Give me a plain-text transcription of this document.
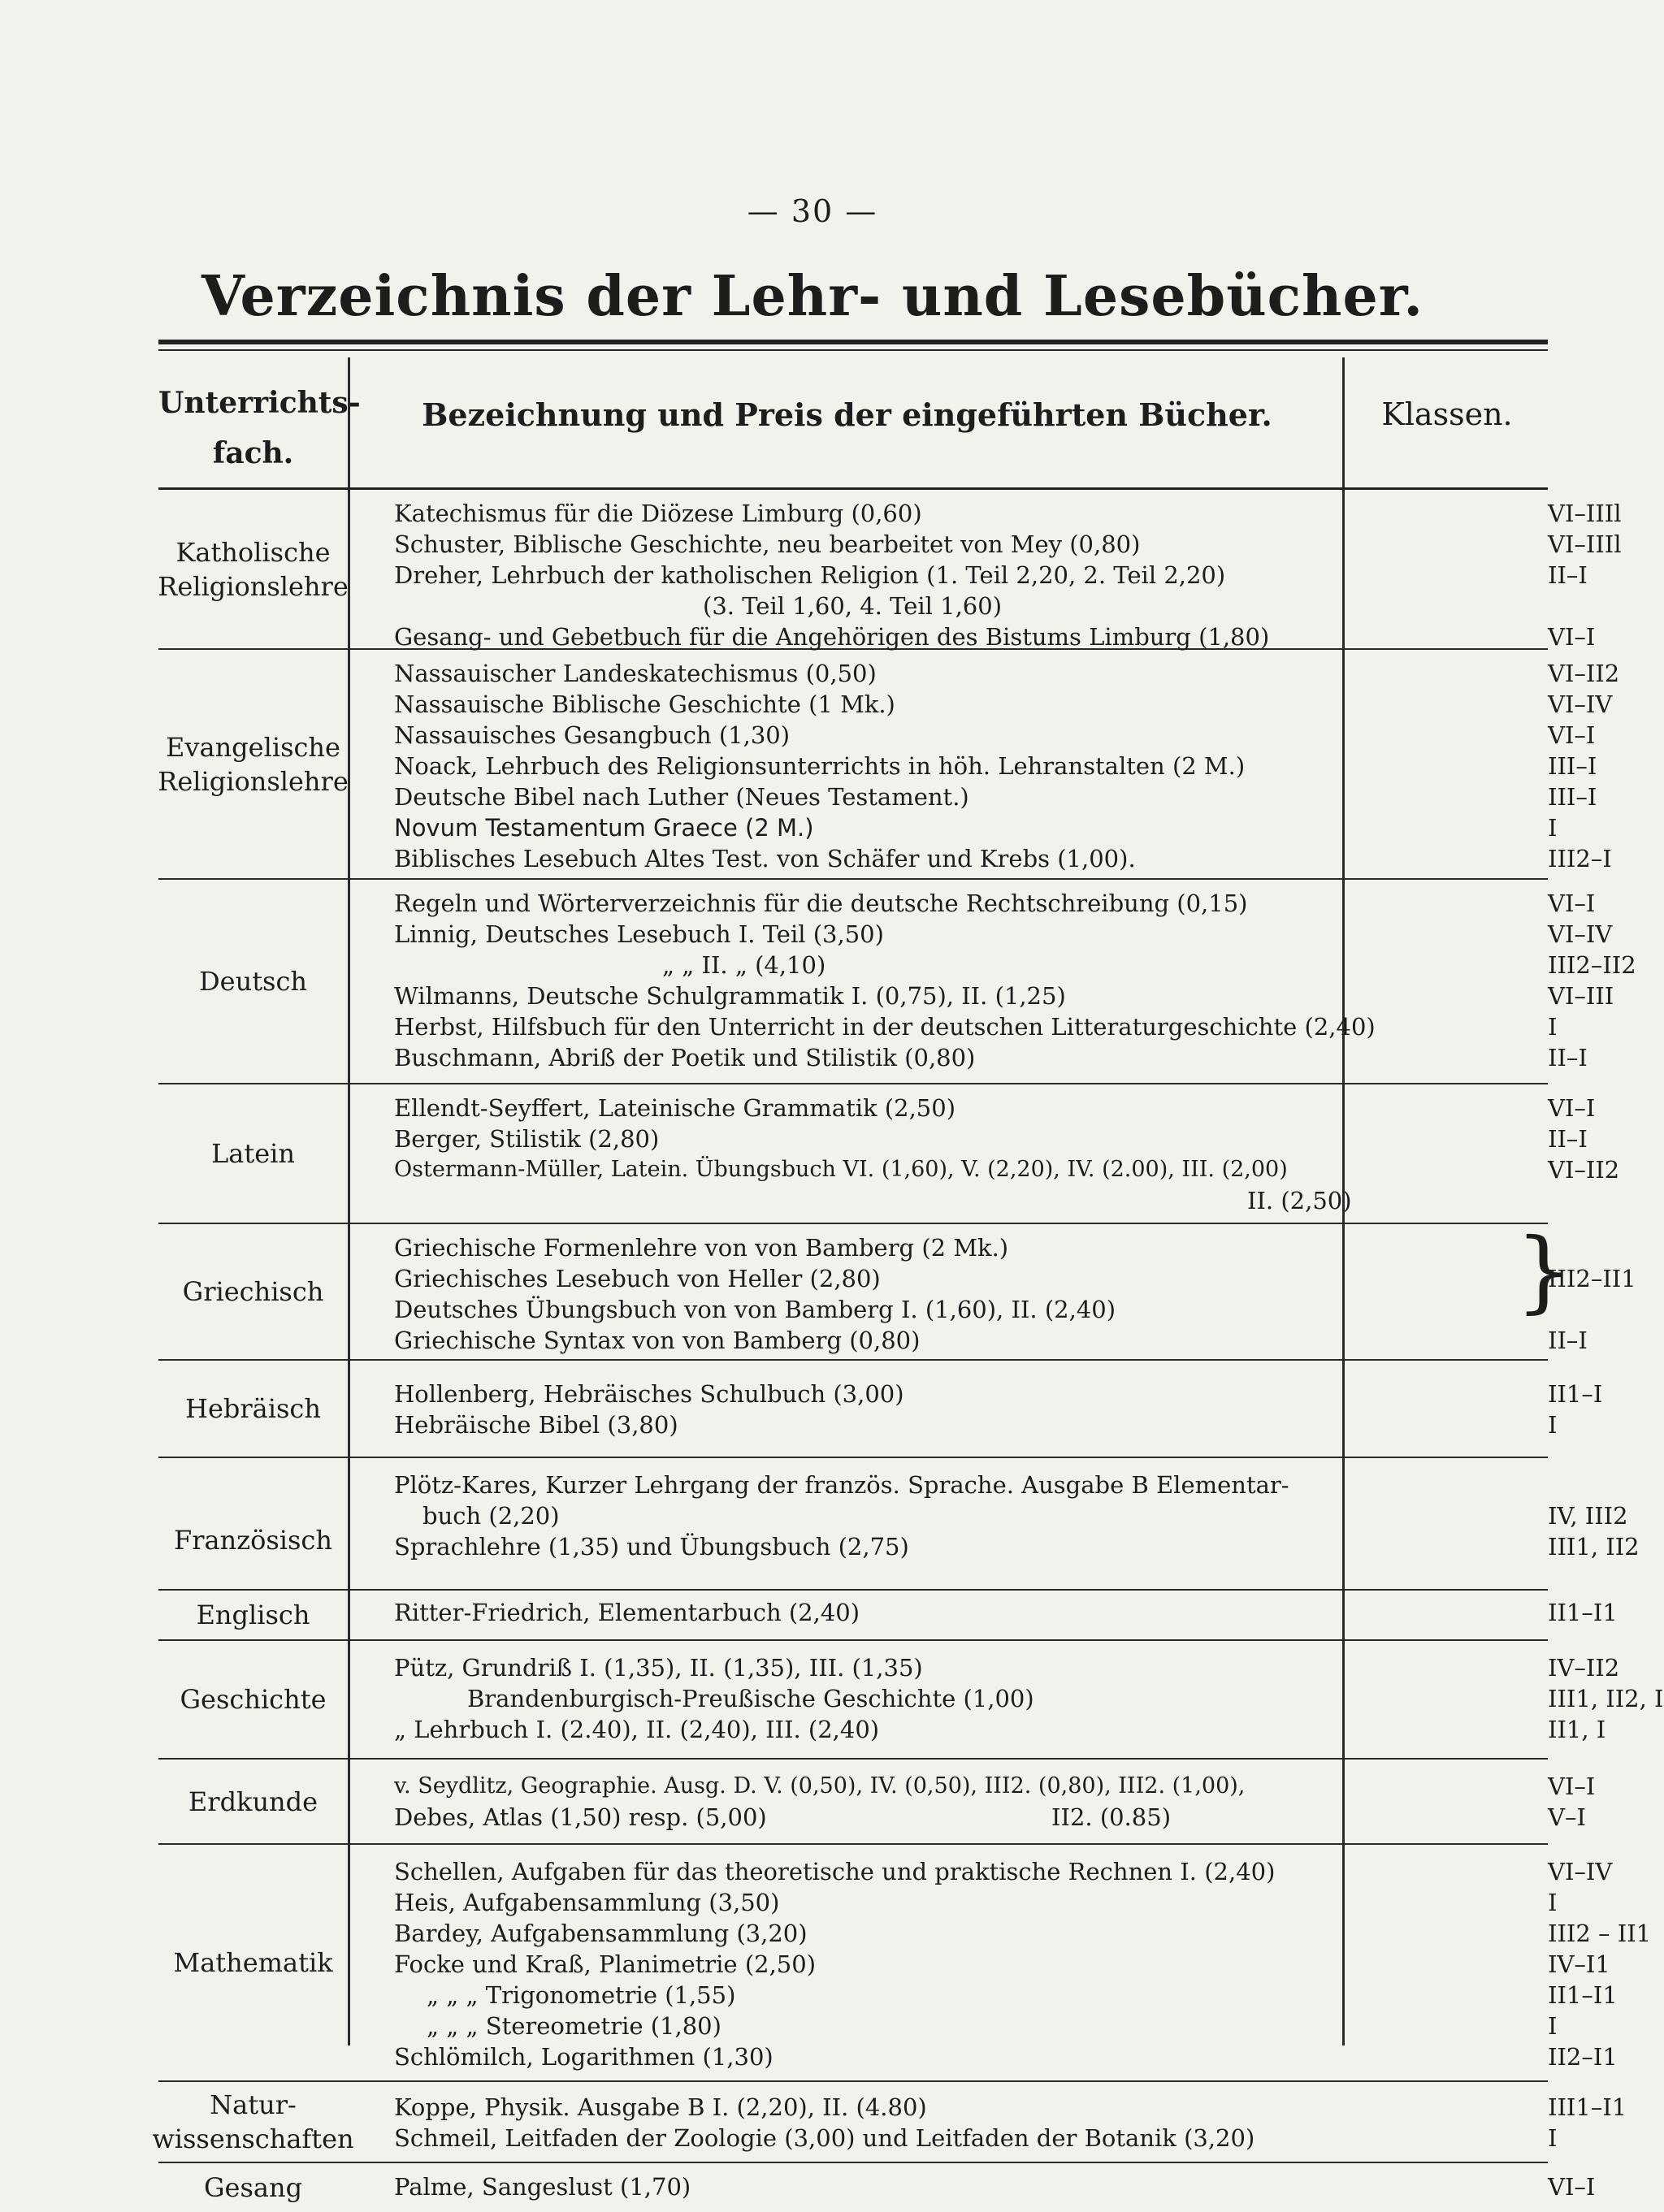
— 30 —
Verzeichnis der Lehr- und Lesebücher.
Unterrichts-fach.
Bezeichnung und Preis der eingeführten Bücher.	Klassen.
Katholische Religionslehre
Katechismus für die Diözese Limburg (0,60)	VI–IIIl
Schuster, Biblische Geschichte, neu bearbeitet von Mey (0,80)	VI–IIIl
Dreher, Lehrbuch der katholischen Religion (1. Teil 2,20, 2. Teil 2,20)	II–I
(3. Teil 1,60, 4. Teil 1,60)
Gesang- und Gebetbuch für die Angehörigen des Bistums Limburg (1,80)	VI–I
Evangelische Religionslehre
Nassauischer Landeskatechismus (0,50)	VI–II2
Nassauische Biblische Geschichte (1 Mk.)	VI–IV
Nassauisches Gesangbuch (1,30)	VI–I
Noack, Lehrbuch des Religionsunterrichts in höh. Lehranstalten (2 M.)	III–I
Deutsche Bibel nach Luther (Neues Testament.)	III–I
Novum Testamentum Graece (2 M.)	I
Biblisches Lesebuch Altes Test. von Schäfer und Krebs (1,00).	III2–I
Deutsch
Regeln und Wörterverzeichnis für die deutsche Rechtschreibung (0,15)	VI–I
Linnig, Deutsches Lesebuch I. Teil (3,50)	VI–IV
„ „ II. „ (4,10)	III2–II2
Wilmanns, Deutsche Schulgrammatik I. (0,75), II. (1,25)	VI–III
Herbst, Hilfsbuch für den Unterricht in der deutschen Litteraturgeschichte (2,40)	I
Buschmann, Abriß der Poetik und Stilistik (0,80)	II–I
Latein
Ellendt-Seyffert, Lateinische Grammatik (2,50)	VI–I
Berger, Stilistik (2,80)	II–I
Ostermann-Müller, Latein. Übungsbuch VI. (1,60), V. (2,20), IV. (2.00), III. (2,00)	VI–II2
II. (2,50)
Griechisch	}
Griechische Formenlehre von von Bamberg (2 Mk.)
Griechisches Lesebuch von Heller (2,80)	III2–II1
Deutsches Übungsbuch von von Bamberg I. (1,60), II. (2,40)
Griechische Syntax von von Bamberg (0,80)	II–I
Hebräisch	Hollenberg, Hebräisches Schulbuch (3,00)	II1–I
Hebräische Bibel (3,80)	I
Französisch
Plötz-Kares, Kurzer Lehrgang der französ. Sprache. Ausgabe B Elementar-
buch (2,20)	IV, III2
Sprachlehre (1,35) und Übungsbuch (2,75)	III1, II2
Englisch	Ritter-Friedrich, Elementarbuch (2,40)	II1–I1
Geschichte
Pütz, Grundriß I. (1,35), II. (1,35), III. (1,35)	IV–II2
Brandenburgisch-Preußische Geschichte (1,00)	III1, II2, I
„ Lehrbuch I. (2.40), II. (2,40), III. (2,40)	II1, I
Erdkunde	v. Seydlitz, Geographie. Ausg. D. V. (0,50), IV. (0,50), III2. (0,80), III2. (1,00),	VI–I
Debes, Atlas (1,50) resp. (5,00)                                      II2. (0.85)	V–I
Mathematik
Schellen, Aufgaben für das theoretische und praktische Rechnen I. (2,40)	VI–IV
Heis, Aufgabensammlung (3,50)	I
Bardey, Aufgabensammlung (3,20)	III2 – II1
Focke und Kraß, Planimetrie (2,50)	IV–I1
„ „ „ Trigonometrie (1,55)	II1–I1
„ „ „ Stereometrie (1,80)	I
Schlömilch, Logarithmen (1,30)	II2–I1
Natur-wissenschaften
Koppe, Physik. Ausgabe B I. (2,20), II. (4.80)	III1–I1
Schmeil, Leitfaden der Zoologie (3,00) und Leitfaden der Botanik (3,20)	I
Gesang	Palme, Sangeslust (1,70)	VI–I
